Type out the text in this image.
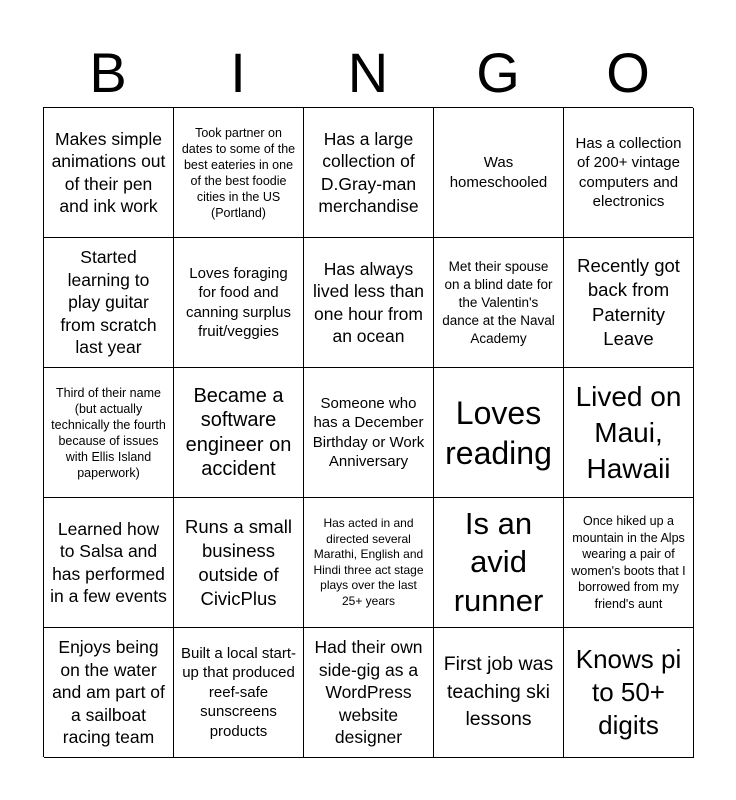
B	I	N	G	O
Makes simple animations out of their pen and ink work
Took partner on dates to some of the best eateries in one of the best foodie cities in the US (Portland)
Has a large collection of D.Gray-man merchandise
Was homeschooled
Has a collection of 200+ vintage computers and electronics
Started learning to play guitar from scratch last year
Loves foraging for food and canning surplus fruit/veggies
Has always lived less than one hour from an ocean
Met their spouse on a blind date for the Valentin's dance at the Naval Academy
Recently got back from Paternity Leave
Third of their name (but actually technically the fourth because of issues with Ellis Island paperwork)
Became a software engineer on accident
Someone who has a December Birthday or Work Anniversary
Loves reading
Lived on Maui, Hawaii
Learned how to Salsa and has performed in a few events
Runs a small business outside of CivicPlus
Has acted in and directed several Marathi, English and Hindi three act stage plays over the last 25+ years
Is an avid runner
Once hiked up a mountain in the Alps wearing a pair of women's boots that I borrowed from my friend's aunt
Enjoys being on the water and am part of a sailboat racing team
Built a local start-up that produced reef-safe sunscreens products
Had their own side-gig as a WordPress website designer
First job was teaching ski lessons
Knows pi to 50+ digits
